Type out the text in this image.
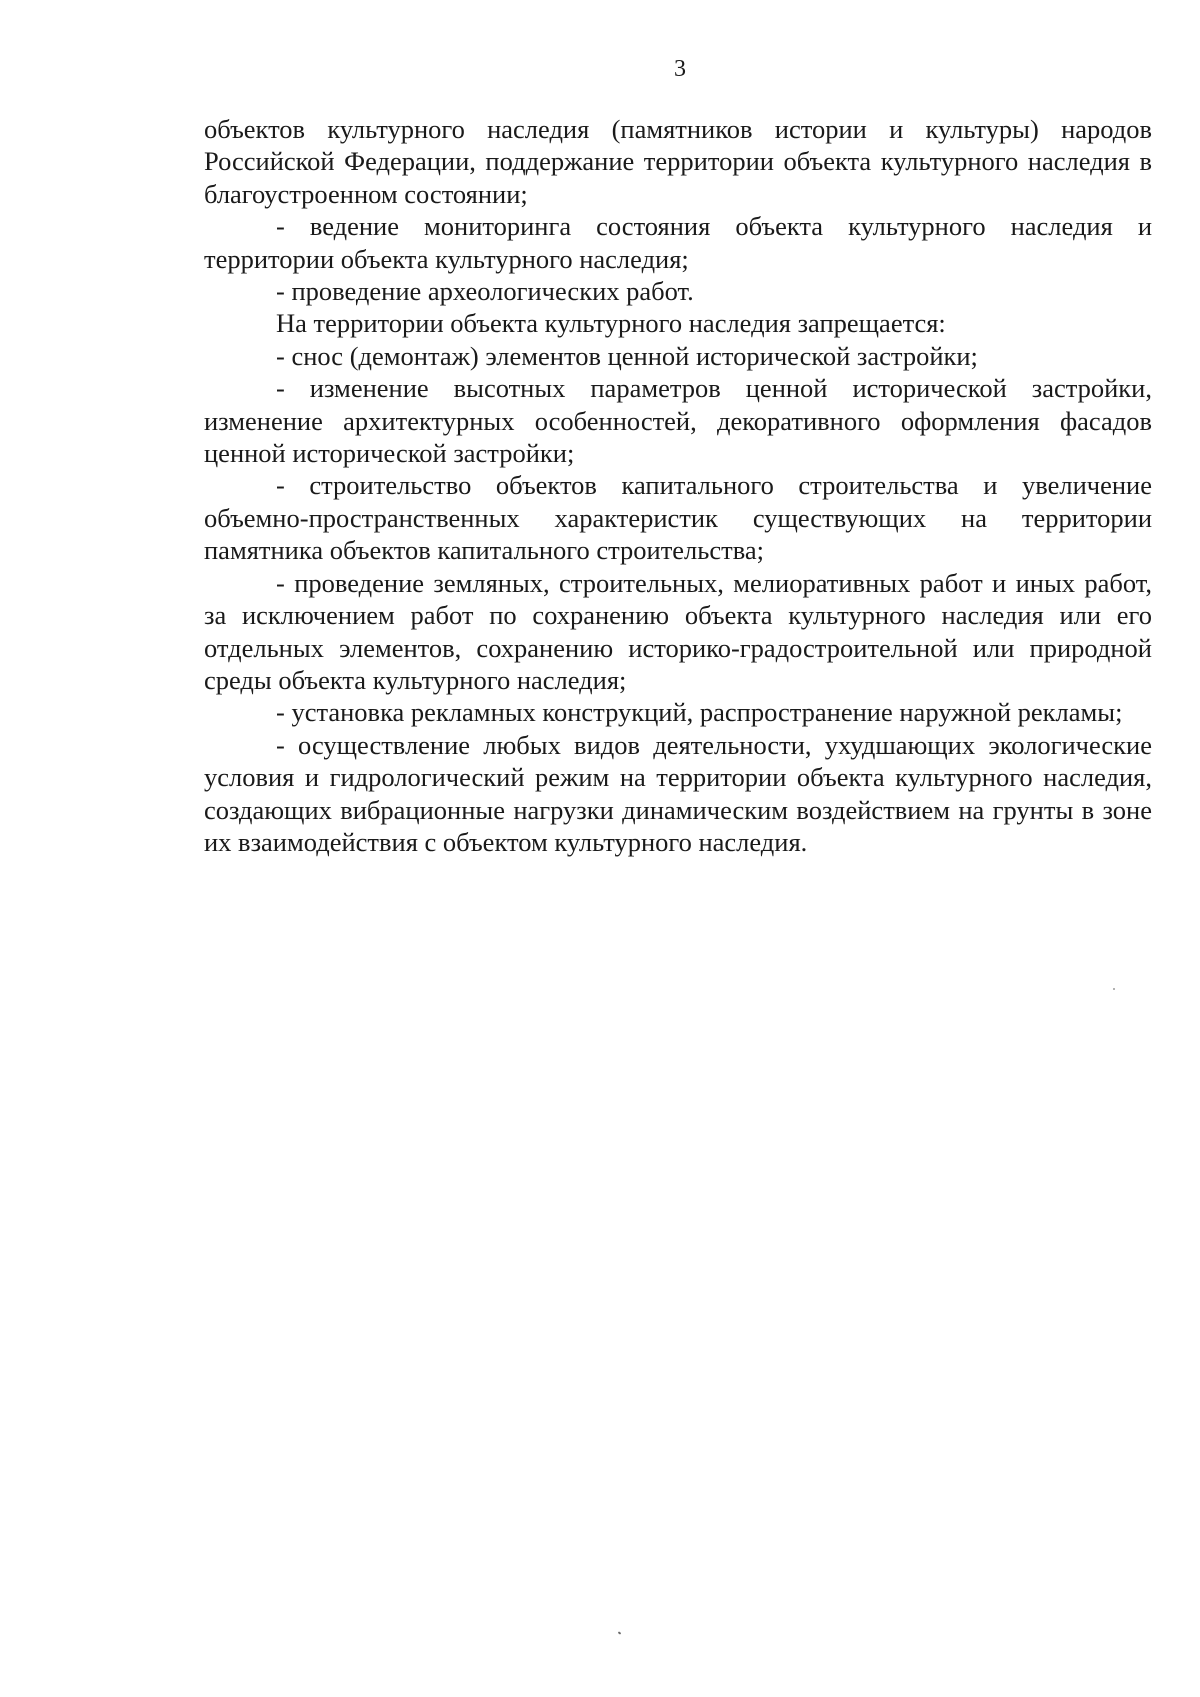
3

объектов культурного наследия (памятников истории и культуры) народов Российской Федерации, поддержание территории объекта культурного наследия в благоустроенном состоянии;

- ведение мониторинга состояния объекта культурного наследия и территории объекта культурного наследия;

- проведение археологических работ.

На территории объекта культурного наследия запрещается:

- снос (демонтаж) элементов ценной исторической застройки;

- изменение высотных параметров ценной исторической застройки, изменение архитектурных особенностей, декоративного оформления фасадов ценной исторической застройки;

- строительство объектов капитального строительства и увеличение объемно-пространственных характеристик существующих на территории памятника объектов капитального строительства;

- проведение земляных, строительных, мелиоративных работ и иных работ, за исключением работ по сохранению объекта культурного наследия или его отдельных элементов, сохранению историко-градостроительной или природной среды объекта культурного наследия;

- установка рекламных конструкций, распространение наружной рекламы;

- осуществление любых видов деятельности, ухудшающих экологические условия и гидрологический режим на территории объекта культурного наследия, создающих вибрационные нагрузки динамическим воздействием на грунты в зоне их взаимодействия с объектом культурного наследия.
